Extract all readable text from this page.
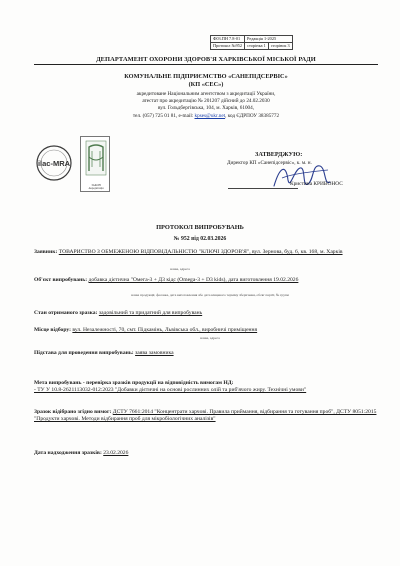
Ф03.ПН 7.8-01	Редакція 1-2025	
Протокол №952	сторінка 1	сторінок 3
ДЕПАРТАМЕНТ ОХОРОНИ ЗДОРОВ'Я ХАРКІВСЬКОЇ МІСЬКОЇ РАДИ
КОМУНАЛЬНЕ ПІДПРИЄМСТВО «САНЕПІДСЕРВІС»
(КП «СЕС»)
акредитоване Національним агентством з акредитації України,
атестат про акредитацію № 201207 дійсний до 24.02.2030
вул. Гольдбергівська, 104, м. Харків, 61004,
тел. (057) 725 01 81, e-mail: kpses@ukr.net, код ЄДРПОУ 38385772
ilac-MRA
ЗАКОН
Акредитація
ЗАТВЕРДЖУЮ:
Директор КП «Санепідсервіс», к. м. н.
Кристина КРИВОНОС
ПРОТОКОЛ ВИПРОБУВАНЬ
№ 952 від 02.03.2026
Заявник: ТОВАРИСТВО З ОБМЕЖЕНОЮ ВІДПОВІДАЛЬНІСТЮ "КЛЮЧІ ЗДОРОВ'Я", вул. Зернова, буд. 6, кв. 168, м. Харків
назва, адреса
Об'єкт випробувань: добавка дієтична "Омега-3 + Д3 кідс (Omega-3 + D3 kids), дата виготовлення 19.02.2026
назва продукції, фасовка, дата виготовлення або дата кінцевого терміну зберігання, обсяг партії, № групи
Стан отриманого зразка: задовільний та придатний для випробувань
Місце відбору: вул. Незалежності, 70, смт. Підкамінь, Львівська обл., виробничі приміщення
назва, адреса
Підстава для проведення випробувань: заява замовника
Мета випробувань - перевірка зразків продукції на відповідність вимогам НД:
- ТУ У 10.8-2621113032-012:2023 "Добавки дієтичні на основі рослинних олій та риб'ячого жиру. Технічні умови"
Зразок відібрано згідно вимог: ДСТУ 7661:2014 "Концентрати харчові. Правила приймання, відбирання та готування проб", ДСТУ 8051:2015 "Продукти харчові. Методи відбирання проб для мікробіологічних аналізів"
Дата надходження зразків: 23.02.2026
